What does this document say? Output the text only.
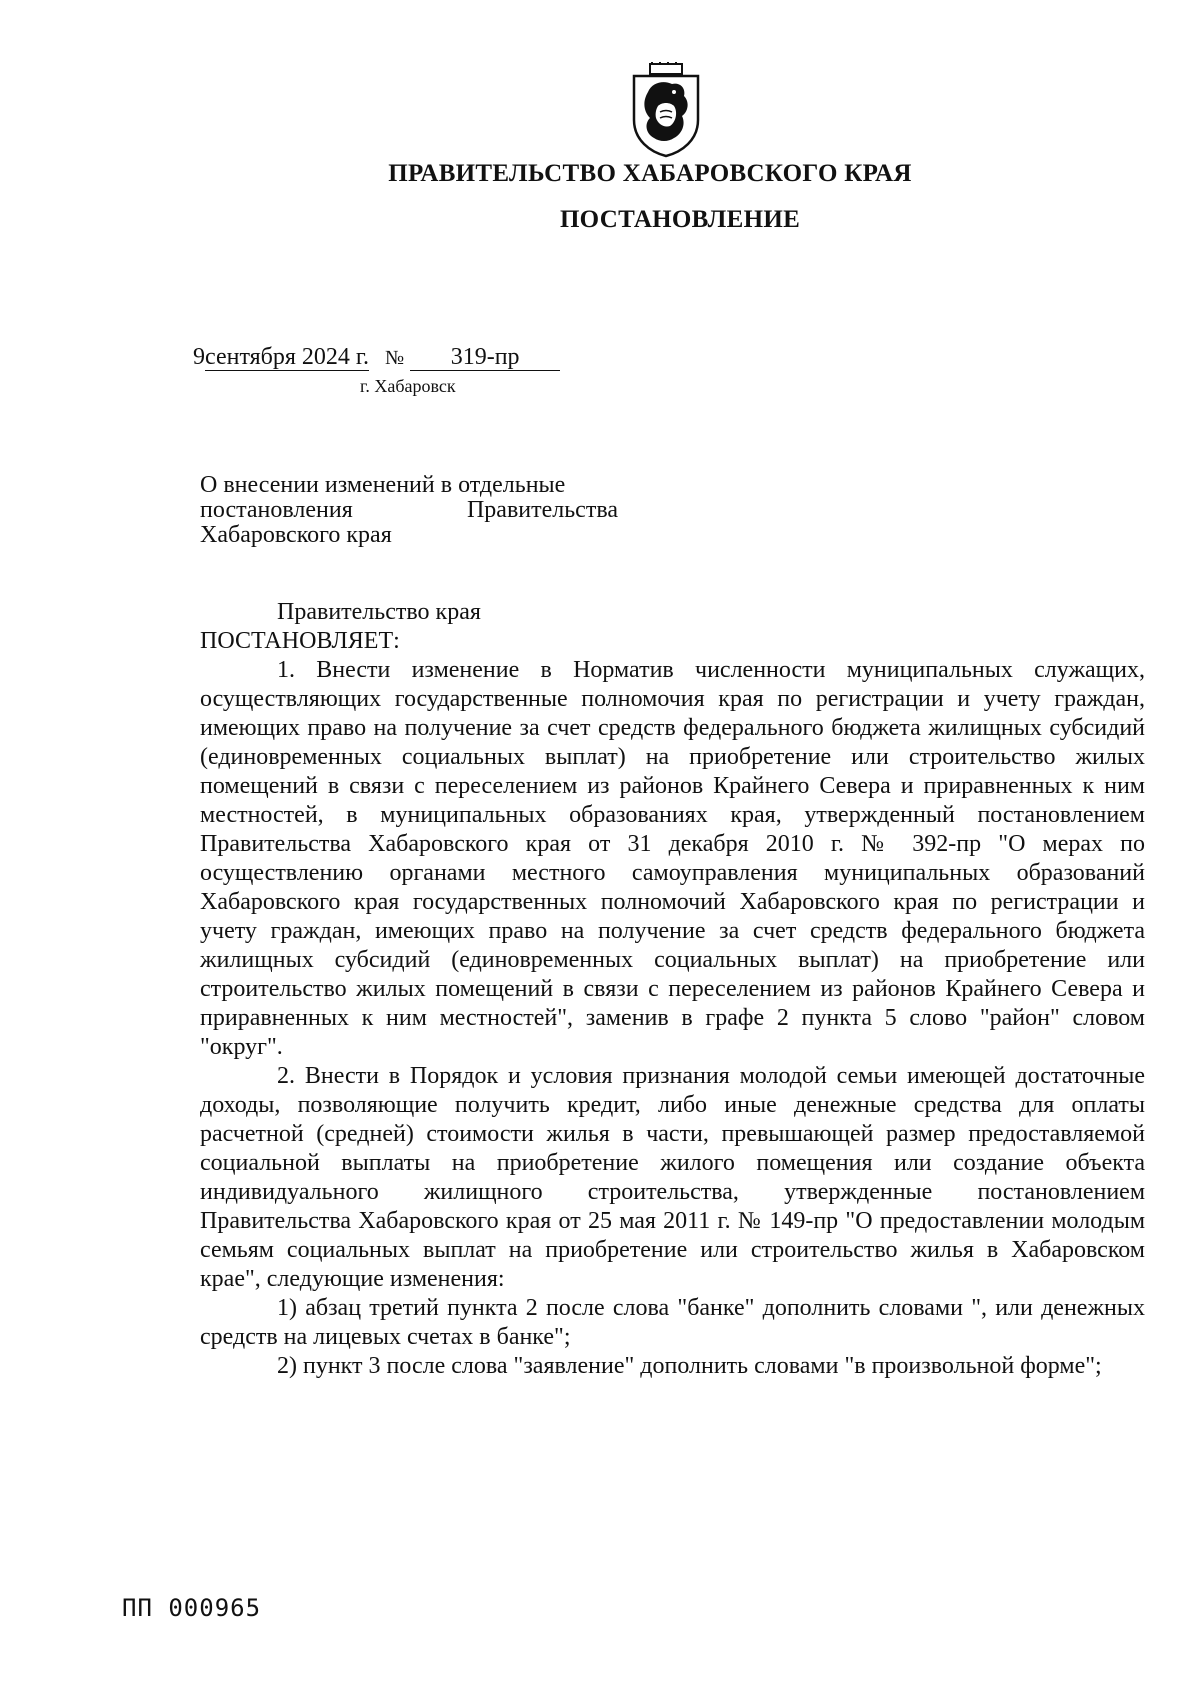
ПРАВИТЕЛЬСТВО ХАБАРОВСКОГО КРАЯ
ПОСТАНОВЛЕНИЕ
9сентября 2024 г. № 319-пр
г. Хабаровск
О внесении изменений в отдельные
постановления Правительства
Хабаровского края

Правительство края

ПОСТАНОВЛЯЕТ:

1. Внести изменение в Норматив численности муниципальных служащих, осуществляющих государственные полномочия края по регистрации и учету граждан, имеющих право на получение за счет средств федерального бюджета жилищных субсидий (единовременных социальных выплат) на приобретение или строительство жилых помещений в связи с переселением из районов Крайнего Севера и приравненных к ним местностей, в муниципальных образованиях края, утвержденный постановлением Правительства Хабаровского края от 31 декабря 2010 г. № 392-пр "О мерах по осуществлению органами местного самоуправления муниципальных образований Хабаровского края государственных полномочий Хабаровского края по регистрации и учету граждан, имеющих право на получение за счет средств федерального бюджета жилищных субсидий (единовременных социальных выплат) на приобретение или строительство жилых помещений в связи с переселением из районов Крайнего Севера и приравненных к ним местностей", заменив в графе 2 пункта 5 слово "район" словом "округ".

2. Внести в Порядок и условия признания молодой семьи имеющей достаточные доходы, позволяющие получить кредит, либо иные денежные средства для оплаты расчетной (средней) стоимости жилья в части, превышающей размер предоставляемой социальной выплаты на приобретение жилого помещения или создание объекта индивидуального жилищного строительства, утвержденные постановлением Правительства Хабаровского края от 25 мая 2011 г. № 149-пр "О предоставлении молодым семьям социальных выплат на приобретение или строительство жилья в Хабаровском крае", следующие изменения:

1) абзац третий пункта 2 после слова "банке" дополнить словами ", или денежных средств на лицевых счетах в банке";

2) пункт 3 после слова "заявление" дополнить словами "в произвольной форме";

ПП 000965
